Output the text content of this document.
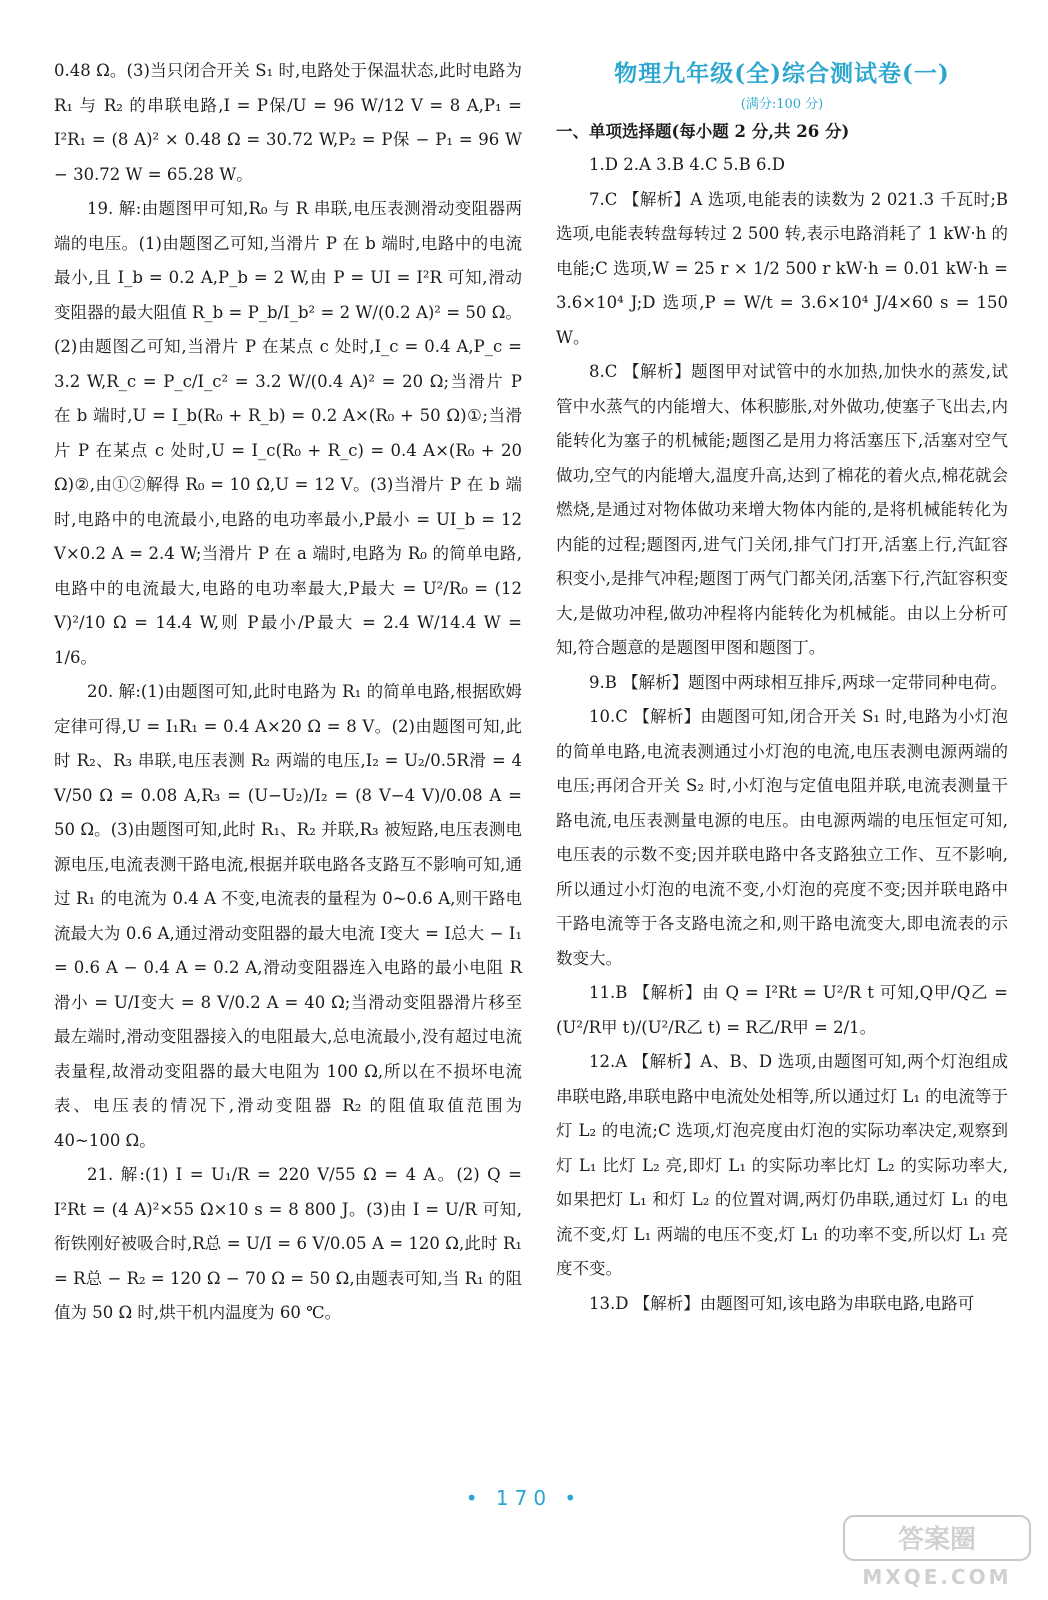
0.48 Ω。(3)当只闭合开关 S₁ 时,电路处于保温状态,此时电路为 R₁ 与 R₂ 的串联电路,I = P保/U = 96 W/12 V = 8 A,P₁ = I²R₁ = (8 A)² × 0.48 Ω = 30.72 W,P₂ = P保 − P₁ = 96 W − 30.72 W = 65.28 W。

19. 解:由题图甲可知,R₀ 与 R 串联,电压表测滑动变阻器两端的电压。(1)由题图乙可知,当滑片 P 在 b 端时,电路中的电流最小,且 I_b = 0.2 A,P_b = 2 W,由 P = UI = I²R 可知,滑动变阻器的最大阻值 R_b = P_b/I_b² = 2 W/(0.2 A)² = 50 Ω。(2)由题图乙可知,当滑片 P 在某点 c 处时,I_c = 0.4 A,P_c = 3.2 W,R_c = P_c/I_c² = 3.2 W/(0.4 A)² = 20 Ω;当滑片 P 在 b 端时,U = I_b(R₀ + R_b) = 0.2 A×(R₀ + 50 Ω)①;当滑片 P 在某点 c 处时,U = I_c(R₀ + R_c) = 0.4 A×(R₀ + 20 Ω)②,由①②解得 R₀ = 10 Ω,U = 12 V。(3)当滑片 P 在 b 端时,电路中的电流最小,电路的电功率最小,P最小 = UI_b = 12 V×0.2 A = 2.4 W;当滑片 P 在 a 端时,电路为 R₀ 的简单电路,电路中的电流最大,电路的电功率最大,P最大 = U²/R₀ = (12 V)²/10 Ω = 14.4 W,则 P最小/P最大 = 2.4 W/14.4 W = 1/6。

20. 解:(1)由题图可知,此时电路为 R₁ 的简单电路,根据欧姆定律可得,U = I₁R₁ = 0.4 A×20 Ω = 8 V。(2)由题图可知,此时 R₂、R₃ 串联,电压表测 R₂ 两端的电压,I₂ = U₂/0.5R滑 = 4 V/50 Ω = 0.08 A,R₃ = (U−U₂)/I₂ = (8 V−4 V)/0.08 A = 50 Ω。(3)由题图可知,此时 R₁、R₂ 并联,R₃ 被短路,电压表测电源电压,电流表测干路电流,根据并联电路各支路互不影响可知,通过 R₁ 的电流为 0.4 A 不变,电流表的量程为 0~0.6 A,则干路电流最大为 0.6 A,通过滑动变阻器的最大电流 I变大 = I总大 − I₁ = 0.6 A − 0.4 A = 0.2 A,滑动变阻器连入电路的最小电阻 R滑小 = U/I变大 = 8 V/0.2 A = 40 Ω;当滑动变阻器滑片移至最左端时,滑动变阻器接入的电阻最大,总电流最小,没有超过电流表量程,故滑动变阻器的最大电阻为 100 Ω,所以在不损坏电流表、电压表的情况下,滑动变阻器 R₂ 的阻值取值范围为 40~100 Ω。

21. 解:(1) I = U₁/R = 220 V/55 Ω = 4 A。(2) Q = I²Rt = (4 A)²×55 Ω×10 s = 8 800 J。(3)由 I = U/R 可知,衔铁刚好被吸合时,R总 = U/I = 6 V/0.05 A = 120 Ω,此时 R₁ = R总 − R₂ = 120 Ω − 70 Ω = 50 Ω,由题表可知,当 R₁ 的阻值为 50 Ω 时,烘干机内温度为 60 ℃。

物理九年级(全)综合测试卷(一)

(满分:100 分)

一、单项选择题(每小题 2 分,共 26 分)

1.D 2.A 3.B 4.C 5.B 6.D

7.C 【解析】A 选项,电能表的读数为 2 021.3 千瓦时;B 选项,电能表转盘每转过 2 500 转,表示电路消耗了 1 kW·h 的电能;C 选项,W = 25 r × 1/2 500 r kW·h = 0.01 kW·h = 3.6×10⁴ J;D 选项,P = W/t = 3.6×10⁴ J/4×60 s = 150 W。

8.C 【解析】题图甲对试管中的水加热,加快水的蒸发,试管中水蒸气的内能增大、体积膨胀,对外做功,使塞子飞出去,内能转化为塞子的机械能;题图乙是用力将活塞压下,活塞对空气做功,空气的内能增大,温度升高,达到了棉花的着火点,棉花就会燃烧,是通过对物体做功来增大物体内能的,是将机械能转化为内能的过程;题图丙,进气门关闭,排气门打开,活塞上行,汽缸容积变小,是排气冲程;题图丁两气门都关闭,活塞下行,汽缸容积变大,是做功冲程,做功冲程将内能转化为机械能。由以上分析可知,符合题意的是题图甲图和题图丁。

9.B 【解析】题图中两球相互排斥,两球一定带同种电荷。

10.C 【解析】由题图可知,闭合开关 S₁ 时,电路为小灯泡的简单电路,电流表测通过小灯泡的电流,电压表测电源两端的电压;再闭合开关 S₂ 时,小灯泡与定值电阻并联,电流表测量干路电流,电压表测量电源的电压。由电源两端的电压恒定可知,电压表的示数不变;因并联电路中各支路独立工作、互不影响,所以通过小灯泡的电流不变,小灯泡的亮度不变;因并联电路中干路电流等于各支路电流之和,则干路电流变大,即电流表的示数变大。

11.B 【解析】由 Q = I²Rt = U²/R t 可知,Q甲/Q乙 = (U²/R甲 t)/(U²/R乙 t) = R乙/R甲 = 2/1。

12.A 【解析】A、B、D 选项,由题图可知,两个灯泡组成串联电路,串联电路中电流处处相等,所以通过灯 L₁ 的电流等于灯 L₂ 的电流;C 选项,灯泡亮度由灯泡的实际功率决定,观察到灯 L₁ 比灯 L₂ 亮,即灯 L₁ 的实际功率比灯 L₂ 的实际功率大,如果把灯 L₁ 和灯 L₂ 的位置对调,两灯仍串联,通过灯 L₁ 的电流不变,灯 L₁ 两端的电压不变,灯 L₁ 的功率不变,所以灯 L₁ 亮度不变。

13.D 【解析】由题图可知,该电路为串联电路,电路可

• 170 •
答案圈
MXQE.COM
